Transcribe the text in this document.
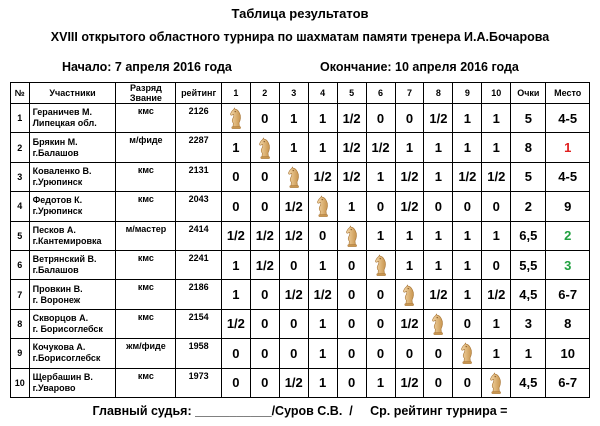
Таблица результатов
XVIII открытого областного турнира по шахматам памяти тренера И.А.Бочарова
Начало: 7 апреля 2016 года	Окончание: 10 апреля 2016 года
№	Участники	Разряд
Звание	рейтинг	1	2	3	4	5	6	7	8	9	10	Очки	Место
1	Гераничев М.
Липецкая обл.	кмс	2126		0	1	1	1/2	0	0	1/2	1	1	5	4-5
2	Брякин М.
г.Балашов	м/фиде	2287	1		1	1	1/2	1/2	1	1	1	1	8	1
3	Коваленко В.
г.Урюпинск	кмс	2131	0	0		1/2	1/2	1	1/2	1	1/2	1/2	5	4-5
4	Федотов К.
г.Урюпинск	кмс	2043	0	0	1/2		1	0	1/2	0	0	0	2	9
5	Песков А.
г.Кантемировка	м/мастер	2414	1/2	1/2	1/2	0		1	1	1	1	1	6,5	2
6	Ветрянский В.
г.Балашов	кмс	2241	1	1/2	0	1	0		1	1	1	0	5,5	3
7	Провкин В.
г. Воронеж	кмс	2186	1	0	1/2	1/2	0	0		1/2	1	1/2	4,5	6-7
8	Скворцов А.
г. Борисоглебск	кмс	2154	1/2	0	0	1	0	0	1/2		0	1	3	8
9	Кочукова А.
г.Борисоглебск	жм/фиде	1958	0	0	0	1	0	0	0	0		1	1	10
10	Щербашин В.
г.Уварово	кмс	1973	0	0	1/2	1	0	1	1/2	0	0		4,5	6-7
Главный судья: ___________/Суров С.В.  /     Ср. рейтинг турнира =
